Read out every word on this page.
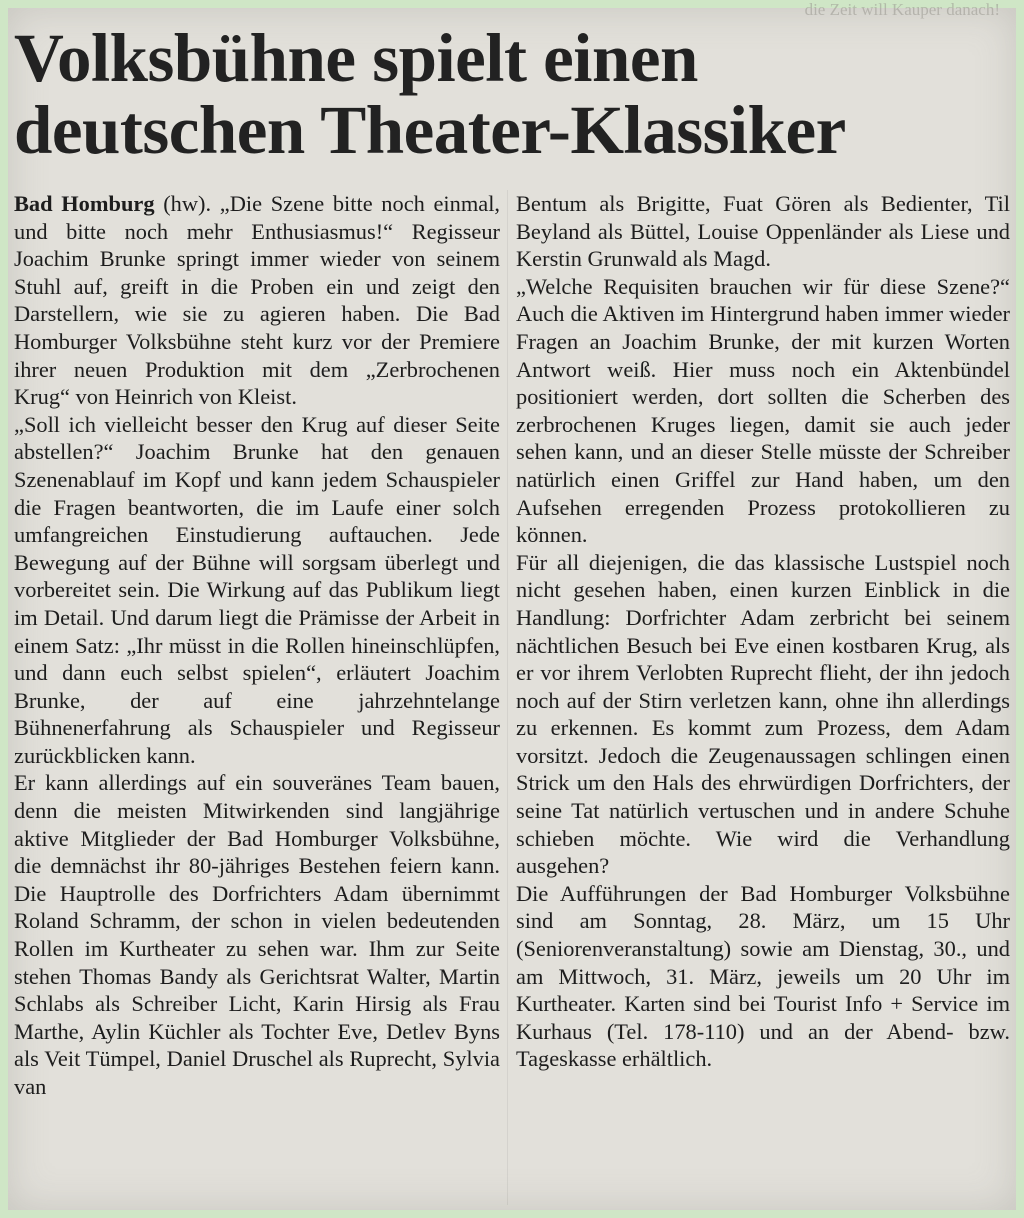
die Zeit will Kauper danach!
Volksbühne spielt einen
deutschen Theater-Klassiker

Bad Homburg (hw). „Die Szene bitte noch einmal, und bitte noch mehr Enthusiasmus!“ Regisseur Joachim Brunke springt immer wieder von seinem Stuhl auf, greift in die Proben ein und zeigt den Darstellern, wie sie zu agieren haben. Die Bad Homburger Volksbühne steht kurz vor der Premiere ihrer neuen Produktion mit dem „Zerbrochenen Krug“ von Heinrich von Kleist.

„Soll ich vielleicht besser den Krug auf dieser Seite abstellen?“ Joachim Brunke hat den genauen Szenenablauf im Kopf und kann jedem Schauspieler die Fragen beantworten, die im Laufe einer solch umfangreichen Einstudierung auftauchen. Jede Bewegung auf der Bühne will sorgsam überlegt und vorbereitet sein. Die Wirkung auf das Publikum liegt im Detail. Und darum liegt die Prämisse der Arbeit in einem Satz: „Ihr müsst in die Rollen hineinschlüpfen, und dann euch selbst spielen“, erläutert Joachim Brunke, der auf eine jahrzehntelange Bühnenerfahrung als Schauspieler und Regisseur zurückblicken kann.

Er kann allerdings auf ein souveränes Team bauen, denn die meisten Mitwirkenden sind langjährige aktive Mitglieder der Bad Homburger Volksbühne, die demnächst ihr 80-jähriges Bestehen feiern kann. Die Hauptrolle des Dorfrichters Adam übernimmt Roland Schramm, der schon in vielen bedeutenden Rollen im Kurtheater zu sehen war. Ihm zur Seite stehen Thomas Bandy als Gerichtsrat Walter, Martin Schlabs als Schreiber Licht, Karin Hirsig als Frau Marthe, Aylin Küchler als Tochter Eve, Detlev Byns als Veit Tümpel, Daniel Druschel als Ruprecht, Sylvia van

Bentum als Brigitte, Fuat Gören als Bedienter, Til Beyland als Büttel, Louise Oppenländer als Liese und Kerstin Grunwald als Magd.

„Welche Requisiten brauchen wir für diese Szene?“ Auch die Aktiven im Hintergrund haben immer wieder Fragen an Joachim Brunke, der mit kurzen Worten Antwort weiß. Hier muss noch ein Aktenbündel positioniert werden, dort sollten die Scherben des zerbrochenen Kruges liegen, damit sie auch jeder sehen kann, und an dieser Stelle müsste der Schreiber natürlich einen Griffel zur Hand haben, um den Aufsehen erregenden Prozess protokollieren zu können.

Für all diejenigen, die das klassische Lustspiel noch nicht gesehen haben, einen kurzen Einblick in die Handlung: Dorfrichter Adam zerbricht bei seinem nächtlichen Besuch bei Eve einen kostbaren Krug, als er vor ihrem Verlobten Ruprecht flieht, der ihn jedoch noch auf der Stirn verletzen kann, ohne ihn allerdings zu erkennen. Es kommt zum Prozess, dem Adam vorsitzt. Jedoch die Zeugenaussagen schlingen einen Strick um den Hals des ehrwürdigen Dorfrichters, der seine Tat natürlich vertuschen und in andere Schuhe schieben möchte. Wie wird die Verhandlung ausgehen?

Die Aufführungen der Bad Homburger Volksbühne sind am Sonntag, 28. März, um 15 Uhr (Seniorenveranstaltung) sowie am Dienstag, 30., und am Mittwoch, 31. März, jeweils um 20 Uhr im Kurtheater. Karten sind bei Tourist Info + Service im Kurhaus (Tel. 178-110) und an der Abend- bzw. Tageskasse erhältlich.
